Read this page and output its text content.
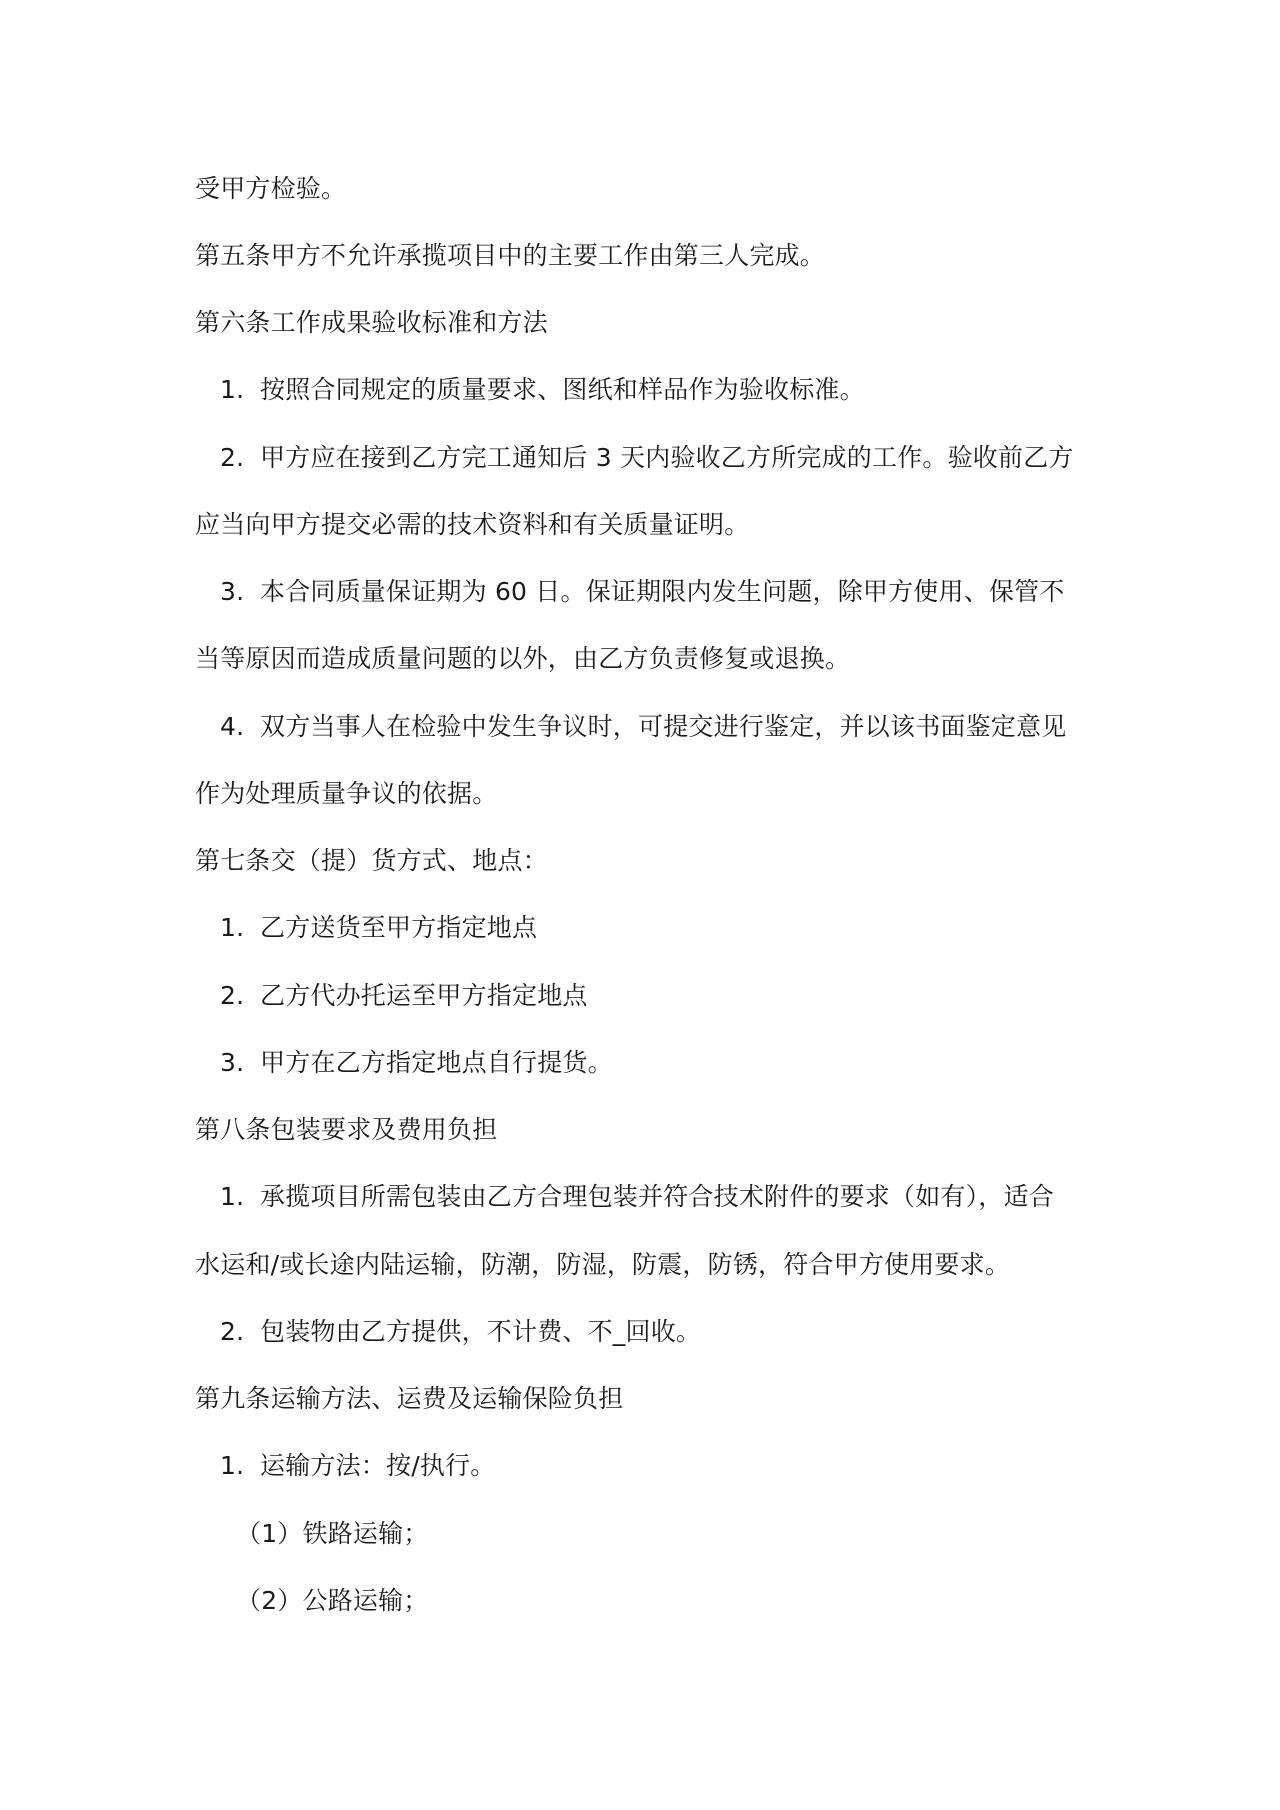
受甲方检验。
第五条甲方不允许承揽项目中的主要工作由第三人完成。
第六条工作成果验收标准和方法
1. 按照合同规定的质量要求、图纸和样品作为验收标准。
2. 甲方应在接到乙方完工通知后 3 天内验收乙方所完成的工作。验收前乙方
应当向甲方提交必需的技术资料和有关质量证明。
3. 本合同质量保证期为 60 日。保证期限内发生问题，除甲方使用、保管不
当等原因而造成质量问题的以外，由乙方负责修复或退换。
4. 双方当事人在检验中发生争议时，可提交进行鉴定，并以该书面鉴定意见
作为处理质量争议的依据。
第七条交（提）货方式、地点：
1. 乙方送货至甲方指定地点
2. 乙方代办托运至甲方指定地点
3. 甲方在乙方指定地点自行提货。
第八条包装要求及费用负担
1. 承揽项目所需包装由乙方合理包装并符合技术附件的要求（如有），适合
水运和/或长途内陆运输，防潮，防湿，防震，防锈，符合甲方使用要求。
2. 包装物由乙方提供，不计费、不_回收。
第九条运输方法、运费及运输保险负担
1. 运输方法：按/执行。
（1）铁路运输；
（2）公路运输；
